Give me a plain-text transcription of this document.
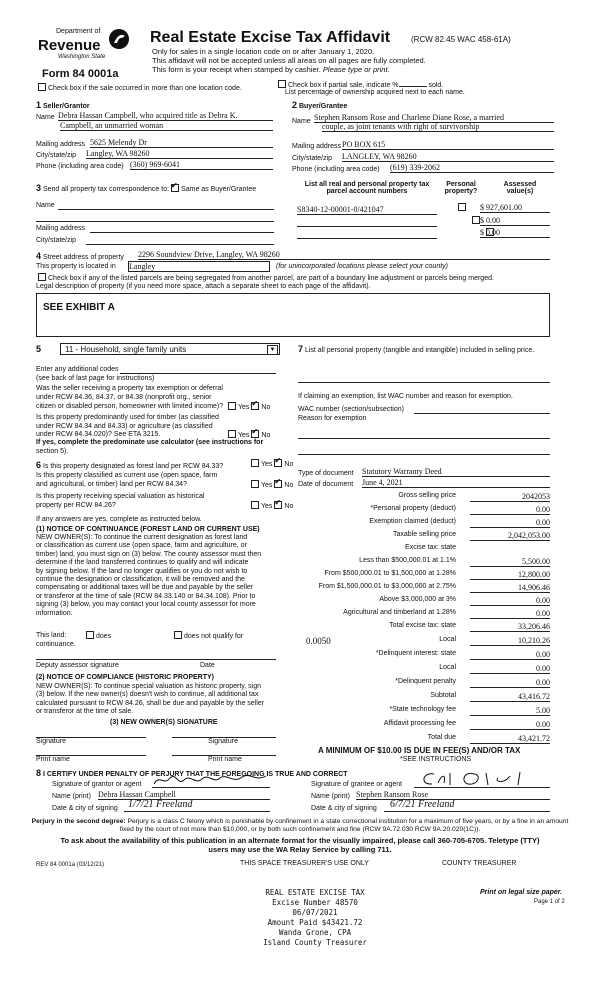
Department of
Revenue
Washington State
Form 84 0001a
Real Estate Excise Tax Affidavit	(RCW 82.45 WAC 458-61A)
Only for sales in a single location code on or after January 1, 2020.
This affidavit will not be accepted unless all areas on all pages are fully completed.
This form is your receipt when stamped by cashier. Please type or print.
Check box if the sale occurred in more than one location code.	Check box if partial sale, indicate %	sold.
List percentage of ownership acquired next to each name.
1 Seller/Grantor
Name Debra Hassan Campbell, who acquired title as Debra K.
Campbell, an unmarried woman
Mailing address 5625 Melendy Dr
City/state/zip Langley, WA 98260
Phone (including area code) (360) 969-6041
2 Buyer/Grantee
Name Stephen Ransom Rose and Charlene Diane Rose, a married
couple, as joint tenants with right of survivorship
Mailing address PO BOX 615
City/state/zip LANGLEY, WA 98260
Phone (including area code) (619) 339-2062
3 Send all property tax correspondence to: ✔ Same as Buyer/Grantee
Name
Mailing address
City/state/zip
List all real and personal property tax parcel account numbers
Personal property?
Assessed value(s)
S8340-12-00001-0/421047
	$ 927,601.00
$ 0.00
$ 0.00
4 Street address of property 2296 Soundview Drive, Langley, WA 98260
This property is located in Langley	(for unincorporated locations please select your county)
Check box if any of the listed parcels are being segregated from another parcel, are part of a boundary line adjustment or parcels being merged.
Legal description of property (if you need more space, attach a separate sheet to each page of the affidavit).
SEE EXHIBIT A
5	11 - Household, single family units	▼
Enter any additional codes
(see back of last page for instructions)
Was the seller receiving a property tax exemption or deferral
under RCW 84.36, 84.37, or 84.38 (nonprofit org., senior
citizen or disabled person, homeowner with limited income)?	Yes ✔ No
Is this property predominantly used for timber (as classified
under RCW 84.34 and 84.33) or agriculture (as classified
under RCW 84.34.020)? See ETA 3215.	Yes ✔ No
If yes, complete the predominate use calculator (see instructions for
section 5).
6 Is this property designated as forest land per RCW 84.33?	Yes ✔ No
Is this property classified as current use (open space, farm
and agricultural, or timber) land per RCW 84.34?	Yes ✔ No
Is this property receiving special valuation as historical
property per RCW 84.26?	Yes ✔ No
If any answers are yes, complete as instructed below.
(1) NOTICE OF CONTINUANCE (FOREST LAND OR CURRENT USE)
NEW OWNER(S): To continue the current designation as forest land
or classification as current use (open space, farm and agriculture, or
timber) land, you must sign on (3) below. The county assessor must then
determine if the land transferred continues to qualify and will indicate
by signing below. If the land no longer qualifies or you do not wish to
continue the designation or classification, it will be removed and the
compensating or additional taxes will be due and payable by the seller
or transferor at the time of sale (RCW 84.33.140 or 84.34.108). Prior to
signing (3) below, you may contact your local county assessor for more
information.
This land:	does	does not qualify for
continuance.
Deputy assessor signature	Date
(2) NOTICE OF COMPLIANCE (HISTORIC PROPERTY)
NEW OWNER(S): To continue special valuation as historic property, sign
(3) below. If the new owner(s) doesn't wish to continue, all additional tax
calculated pursuant to RCW 84.26, shall be due and payable by the seller
or transferor at the time of sale.
(3) NEW OWNER(S) SIGNATURE
Signature	Signature
Print name	Print name
7 List all personal property (tangible and intangible) included in selling price.
If claiming an exemption, list WAC number and reason for exemption.
WAC number (section/subsection)
Reason for exemption
Type of document Statutory Warranty Deed
Date of document June 4, 2021
Gross selling price	2042053
*Personal property (deduct)	0.00
Exemption claimed (deduct)	0.00
Taxable selling price	2,042,053.00
Excise tax: state
Less than $500,000.01 at 1.1%	5,500.00
From $500,000.01 to $1,500,000 at 1.28%	12,800.00
From $1,500,000.01 to $3,000,000 at 2.75%	14,906.46
Above $3,000,000 at 3%	0.00
Agricultural and timberland at 1.28%	0.00
Total excise tax: state	33,206.46
0.0050	Local	10,210.26
*Delinquent interest: state	0.00
Local	0.00
*Delinquent penalty	0.00
Subtotal	43,416.72
*State technology fee	5.00
Affidavit processing fee	0.00
Total due	43,421.72
A MINIMUM OF $10.00 IS DUE IN FEE(S) AND/OR TAX
*SEE INSTRUCTIONS
8 I CERTIFY UNDER PENALTY OF PERJURY THAT THE FOREGOING IS TRUE AND CORRECT
Signature of grantor or agent
Name (print) Debra Hassan Campbell
Date & city of signing 1/7/21 Freeland
Signature of grantee or agent
Name (print) Stephen Ransom Rose
Date & city of signing 6/7/21 Freeland
Perjury in the second degree: Perjury is a class C felony which is punishable by confinement in a state correctional institution for a maximum of five years, or by a fine in an amount fixed by the court of not more than $10,000, or by both such confinement and fine (RCW 9A.72.030 RCW 9A.20.020(1C)).
To ask about the availability of this publication in an alternate format for the visually impaired, please call 360-705-6705. Teletype (TTY) users may use the WA Relay Service by calling 711.
REV 84 0001a (03/12/21)	THIS SPACE TREASURER'S USE ONLY	COUNTY TREASURER
REAL ESTATE EXCISE TAX
Excise Number 48570
06/07/2021
Amount Paid $43421.72
Wanda Grone, CPA
Island County Treasurer
Print on legal size paper.
Page 1 of 2
